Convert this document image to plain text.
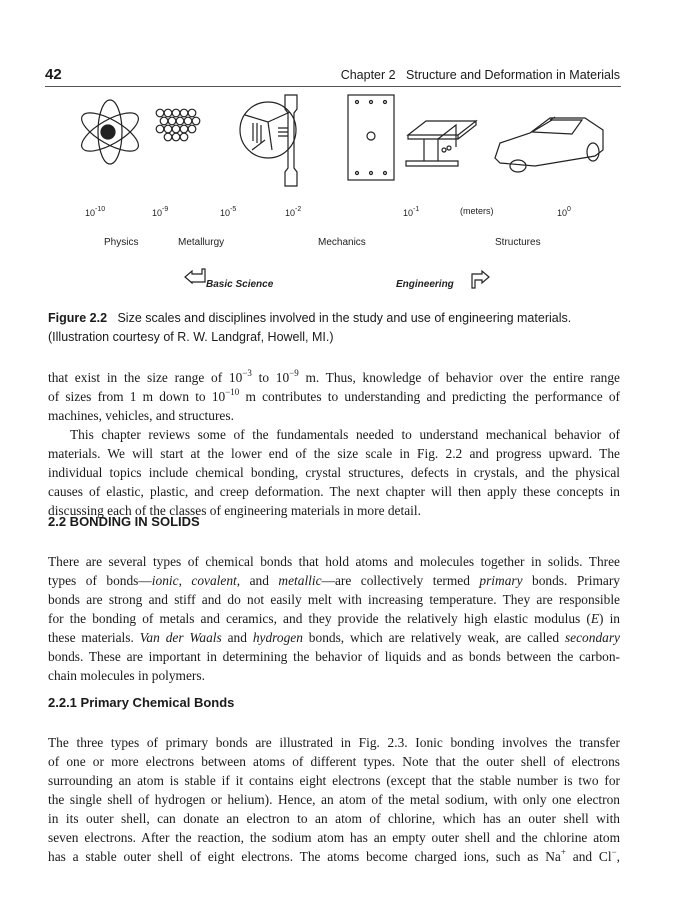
42	Chapter 2   Structure and Deformation in Materials
$10^{-10}$	$10^{-9}$	$10^{-5}$	$10^{-2}$	$10^{-1}$	$10^0$
(meters)
Physics	Metallurgy	Mechanics	Structures
Basic Science	Engineering
Figure 2.2 Size scales and disciplines involved in the study and use of engineering materials.
(Illustration courtesy of R. W. Landgraf, Howell, MI.)
that exist in the size range of $10^{-3}$ to $10^{-9}$ m. Thus, knowledge of behavior over the entire range
of sizes from 1 m down to $10^{-10}$ m contributes to understanding and predicting the performance of
machines, vehicles, and structures.
This chapter reviews some of the fundamentals needed to understand mechanical behavior of
materials. We will start at the lower end of the size scale in Fig. 2.2 and progress upward. The
individual topics include chemical bonding, crystal structures, defects in crystals, and the physical
causes of elastic, plastic, and creep deformation. The next chapter will then apply these concepts in
discussing each of the classes of engineering materials in more detail.
2.2 BONDING IN SOLIDS
There are several types of chemical bonds that hold atoms and molecules together in solids. Three
types of bonds—ionic, covalent, and metallic—are collectively termed primary bonds. Primary
bonds are strong and stiff and do not easily melt with increasing temperature. They are responsible
for the bonding of metals and ceramics, and they provide the relatively high elastic modulus (E) in
these materials. Van der Waals and hydrogen bonds, which are relatively weak, are called secondary
bonds. These are important in determining the behavior of liquids and as bonds between the carbon-
chain molecules in polymers.
2.2.1 Primary Chemical Bonds
The three types of primary bonds are illustrated in Fig. 2.3. Ionic bonding involves the transfer
of one or more electrons between atoms of different types. Note that the outer shell of electrons
surrounding an atom is stable if it contains eight electrons (except that the stable number is two for
the single shell of hydrogen or helium). Hence, an atom of the metal sodium, with only one electron
in its outer shell, can donate an electron to an atom of chlorine, which has an outer shell with
seven electrons. After the reaction, the sodium atom has an empty outer shell and the chlorine atom
has a stable outer shell of eight electrons. The atoms become charged ions, such as Na+ and Cl−,
